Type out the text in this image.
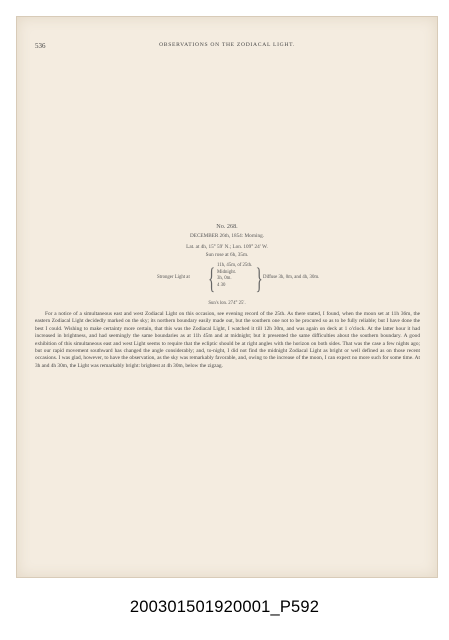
536	OBSERVATIONS ON THE ZODIACAL LIGHT.
No. 268.
DECEMBER 26th, 1854: Morning.
Lat. at 4h, 15° 59′ N.; Lon. 109° 24′ W.
Sun rose at 6h, 35m.
Stronger Light at { 11h, 45m, of 25th.
Midnight.
3h, 0m.
4 30	{ Diffuse 3h, 0m, and 4h, 30m.
Sun's lon. 274° 25′.

For a notice of a simultaneous east and west Zodiacal Light on this occasion, see evening record of the 25th. As there stated, I found, when the moon set at 11h 36m, the eastern Zodiacal Light decidedly marked on the sky; its northern boundary easily made out, but the southern one not to be procured so as to be fully reliable; but I have done the best I could. Wishing to make certainty more certain, that this was the Zodiacal Light, I watched it till 12h 30m, and was again on deck at 1 o'clock. At the latter hour it had increased in brightness, and had seemingly the same boundaries as at 11h 45m and at midnight; but it presented the same difficulties about the southern boundary. A good exhibition of this simultaneous east and west Light seems to require that the ecliptic should be at right angles with the horizon on both sides. That was the case a few nights ago; but our rapid movement southward has changed the angle considerably; and, to-night, I did not find the midnight Zodiacal Light as bright or well defined as on those recent occasions. I was glad, however, to have the observation, as the sky was remarkably favorable, and, owing to the increase of the moon, I can expect no more such for some time. At 3h and 4h 30m, the Light was remarkably bright: brightest at 4h 30m, below the zigzag.

200301501920001_P592
